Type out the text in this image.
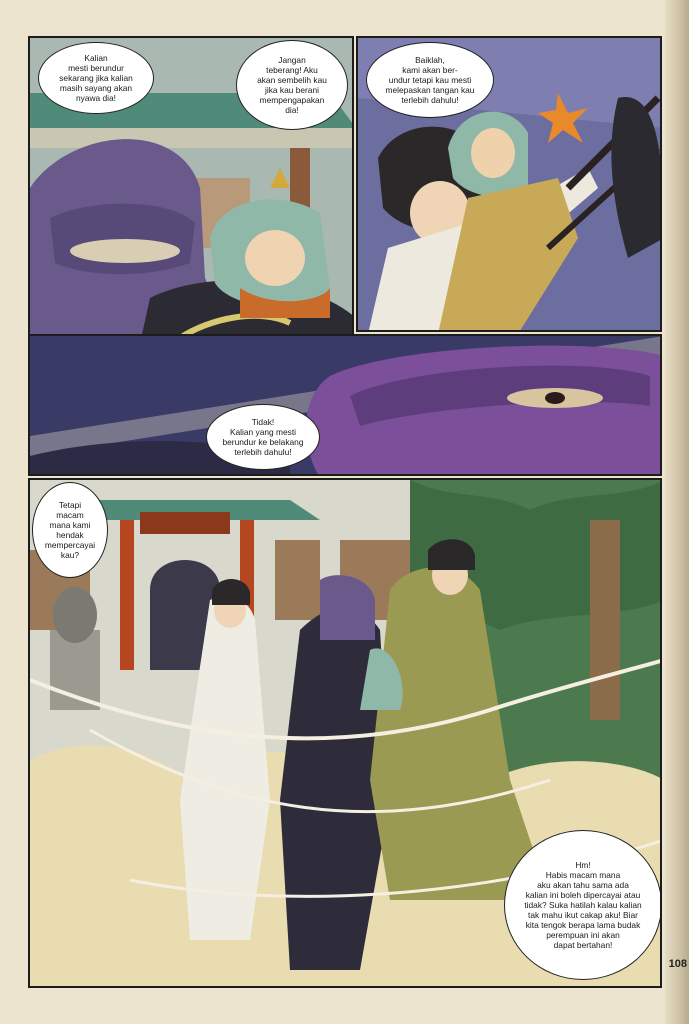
Kalian
mesti berundur
sekarang jika kalian
masih sayang akan
nyawa dia!
Jangan
teberang! Aku
akan sembelih kau
jika kau berani
mempengapakan
dia!
Baiklah,
kami akan ber-
undur tetapi kau mesti
melepaskan tangan kau
terlebih dahulu!
Tidak!
Kalian yang mesti
berundur ke belakang
terlebih dahulu!
Tetapi
macam
mana kami
hendak
mempercayai
kau?
Hm!
Habis macam mana
aku akan tahu sama ada
kalian ini boleh dipercayai atau
tidak? Suka hatilah kalau kalian
tak mahu ikut cakap aku! Biar
kita tengok berapa lama budak
perempuan ini akan
dapat bertahan!
108
